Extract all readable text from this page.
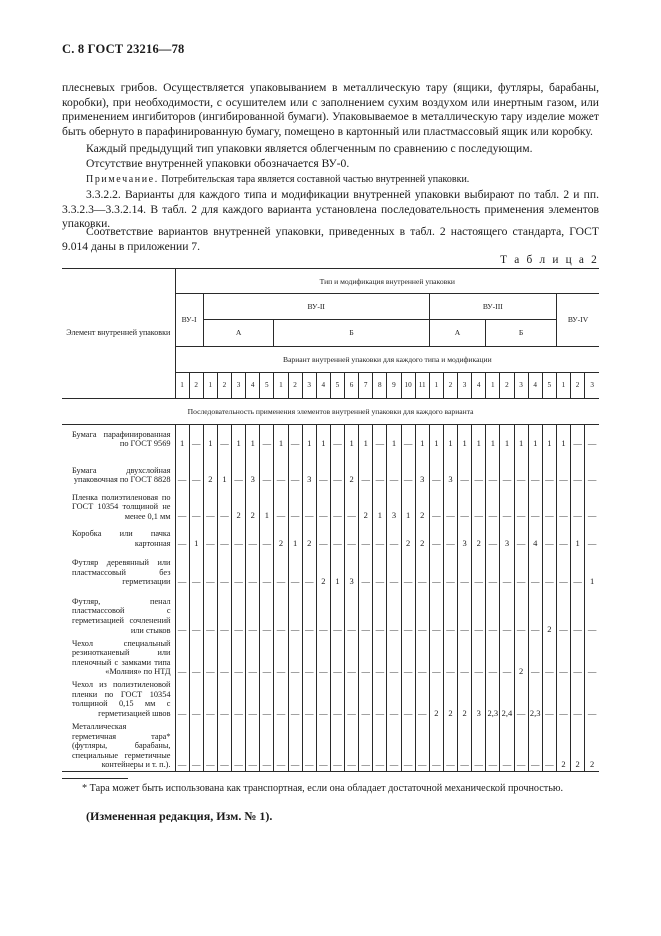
С. 8 ГОСТ 23216—78
плесневых грибов. Осуществляется упаковыванием в металлическую тару (ящики, футляры, барабаны, коробки), при необходимости, с осушителем или с заполнением сухим воздухом или инертным газом, или применением ингибиторов (ингибированной бумаги). Упаковываемое в металлическую тару изделие может быть обернуто в парафинированную бумагу, помещено в картонный или пластмассовый ящик или коробку.

Каждый предыдущий тип упаковки является облегченным по сравнению с последующим.

Отсутствие внутренней упаковки обозначается ВУ-0.

Примечание. Потребительская тара является составной частью внутренней упаковки.

3.3.2.2. Варианты для каждого типа и модификации внутренней упаковки выбирают по табл. 2 и пп. 3.3.2.3—3.3.2.14. В табл. 2 для каждого варианта установлена последовательность применения элементов упаковки.

Соответствие вариантов внутренней упаковки, приведенных в табл. 2 настоящего стандарта, ГОСТ 9.014 даны в приложении 7.

Т а б л и ц а 2
Элемент внутренней упаковки	Тип и модификация внутренней упаковки																													
	ВУ-I		ВУ-II																ВУ-III									ВУ-IV		
			А					Б											А				Б							
	Вариант внутренней упаковки для каждого типа и модификации																													
	1	2	1	2	3	4	5	1	2	3	4	5	6	7	8	9	10	11	1	2	3	4	1	2	3	4	5	1	2	3
Последовательность применения элементов внутренней упаковки для каждого варианта																														
Бумага парафинированная по ГОСТ 9569	1	—	1	—	1	1	—	1	—	1	1	—	1	1	—	1	—	1	1	1	1	1	1	1	1	1	1	1	—	—
Бумага двухслойная упаковочная по ГОСТ 8828	—	—	2	1	—	3	—	—	—	3	—	—	2	—	—	—	—	3	—	3	—	—	—	—	—	—	—	—	—	—
Пленка полиэтиленовая по ГОСТ 10354 толщиной не менее 0,1 мм	—	—	—	—	2	2	1	—	—	—	—	—	—	2	1	3	1	2	—	—	—	—	—	—	—	—	—	—	—	—
Коробка или пачка картонная	—	1	—	—	—	—	—	2	1	2	—	—	—	—	—	—	2	2	—	—	3	2	—	3	—	4	—	—	1	—
Футляр деревянный или пластмассовый без герметизации	—	—	—	—	—	—	—	—	—	—	2	1	3	—	—	—	—	—	—	—	—	—	—	—	—	—	—	—	—	1
Футляр, пенал пластмассовой с герметизацией сочленений или стыков	—	—	—	—	—	—	—	—	—	—	—	—	—	—	—	—	—	—	—	—	—	—	—	—	—	—	2	—	—	—
Чехол специальный резинотканевый или пленочный с замками типа «Молния» по НТД	—	—	—	—	—	—	—	—	—	—	—	—	—	—	—	—	—	—	—	—	—	—	—	—	2	—	—	—	—	—
Чехол из полиэтиленовой пленки по ГОСТ 10354 толщиной 0,15 мм с герметизацией швов	—	—	—	—	—	—	—	—	—	—	—	—	—	—	—	—	—	—	2	2	2	3	2,3	2,4	—	2,3	—	—	—	—
Металлическая герметичная тара* (футляры, барабаны, специальные герметичные контейнеры и т. п.).	—	—	—	—	—	—	—	—	—	—	—	—	—	—	—	—	—	—	—	—	—	—	—	—	—	—	—	2	2	2
* Тара может быть использована как транспортная, если она обладает достаточной механической прочностью.
(Измененная редакция, Изм. № 1).
